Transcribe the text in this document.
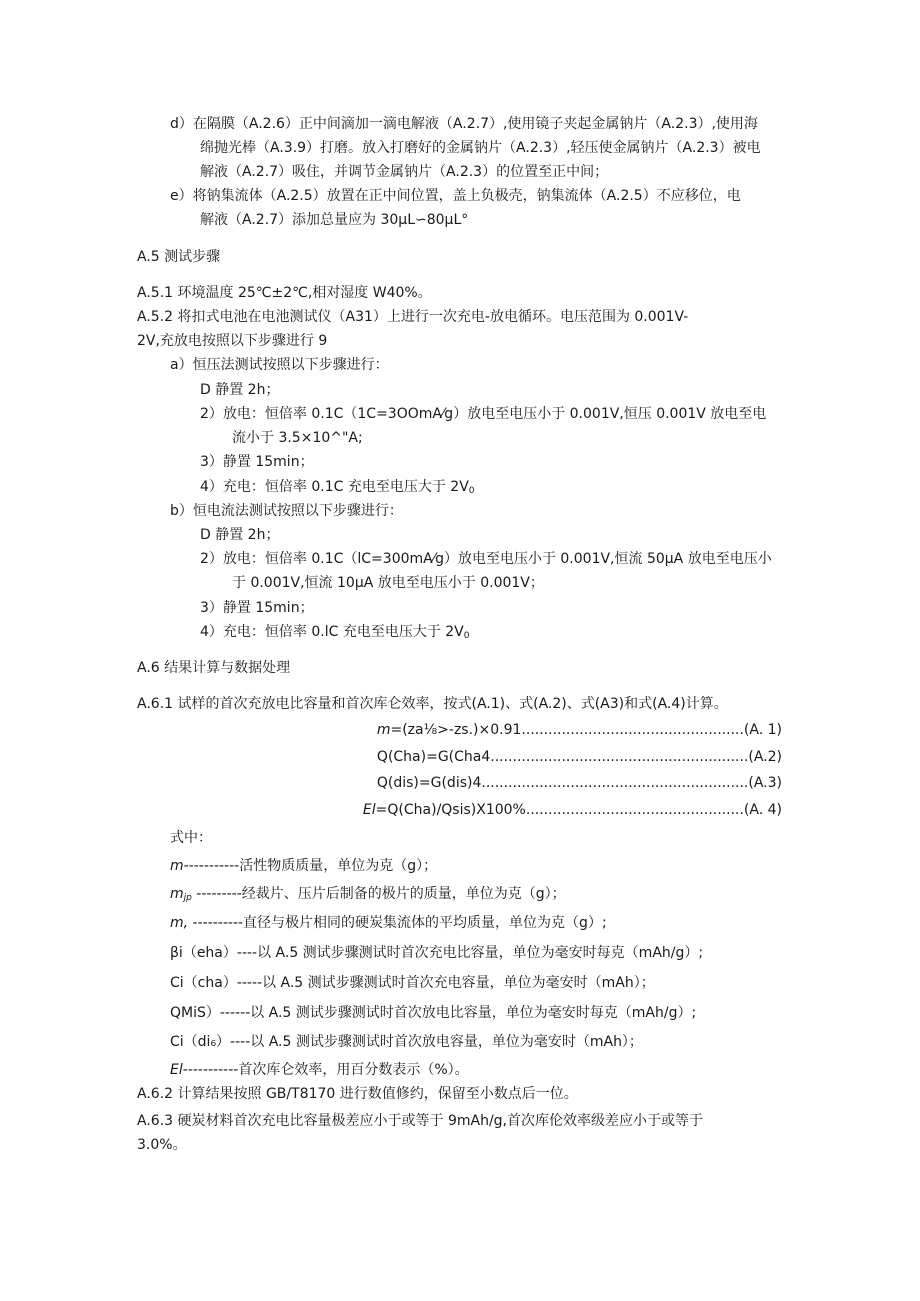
d）在隔膜（A.2.6）正中间滴加一滴电解液（A.2.7）,使用镜子夹起金属钠片（A.2.3）,使用海
绵抛光棒（A.3.9）打磨。放入打磨好的金属钠片（A.2.3）,轻压使金属钠片（A.2.3）被电
解液（A.2.7）吸住，并调节金属钠片（A.2.3）的位置至正中间；
e）将钠集流体（A.2.5）放置在正中间位置，盖上负极壳，钠集流体（A.2.5）不应移位，电
解液（A.2.7）添加总量应为 30μL∽80μL°
A.5 测试步骤
A.5.1 环境温度 25℃±2℃,相对湿度 W40%。
A.5.2 将扣式电池在电池测试仪（A31）上进行一次充电-放电循环。电压范围为 0.001V-
2V,充放电按照以下步骤进行 9
a）恒压法测试按照以下步骤进行：
D 静置 2h；
2）放电：恒倍率 0.1C（1C=3OOmA⁄g）放电至电压小于 0.001V,恒压 0.001V 放电至电
流小于 3.5×10^"A;
3）静置 15min；
4）充电：恒倍率 0.1C 充电至电压大于 $2V_0$
b）恒电流法测试按照以下步骤进行：
D 静置 2h；
2）放电：恒倍率 0.1C（lC=300mA⁄g）放电至电压小于 0.001V,恒流 50μA 放电至电压小
于 0.001V,恒流 10μA 放电至电压小于 0.001V；
3）静置 15min；
4）充电：恒倍率 0.lC 充电至电压大于 $2V_0$
A.6 结果计算与数据处理
A.6.1 试样的首次充放电比容量和首次库仑效率，按式(A.1)、式(A.2)、式(A3)和式(A.4)计算。
m=(za⅛>-zs.)×0.91..................................................(A. 1)
Q(Cha)=G(Cha4..........................................................(A.2)
Q(dis)=G(dis)4............................................................(A.3)
El=Q(Cha)/Qsis)X100%.................................................(A. 4)
式中：
m-----------活性物质质量，单位为克（g）；
$m_{jp}$ ---------经裁片、压片后制备的极片的质量，单位为克（g）；
m, ----------直径与极片相同的硬炭集流体的平均质量，单位为克（g）;
βi（eha）----以 A.5 测试步骤测试时首次充电比容量，单位为毫安时每克（mAh/g）;
Ci（cha）-----以 A.5 测试步骤测试时首次充电容量，单位为毫安时（mAh）；
QMiS）------以 A.5 测试步骤测试时首次放电比容量，单位为毫安时每克（mAh/g）;
Ci（di₆）----以 A.5 测试步骤测试时首次放电容量，单位为毫安时（mAh）；
El-----------首次库仑效率，用百分数表示（%）。
A.6.2 计算结果按照 GB/T8170 进行数值修约，保留至小数点后一位。
A.6.3 硬炭材料首次充电比容量极差应小于或等于 9mAh/g,首次库伦效率级差应小于或等于
3.0%。
